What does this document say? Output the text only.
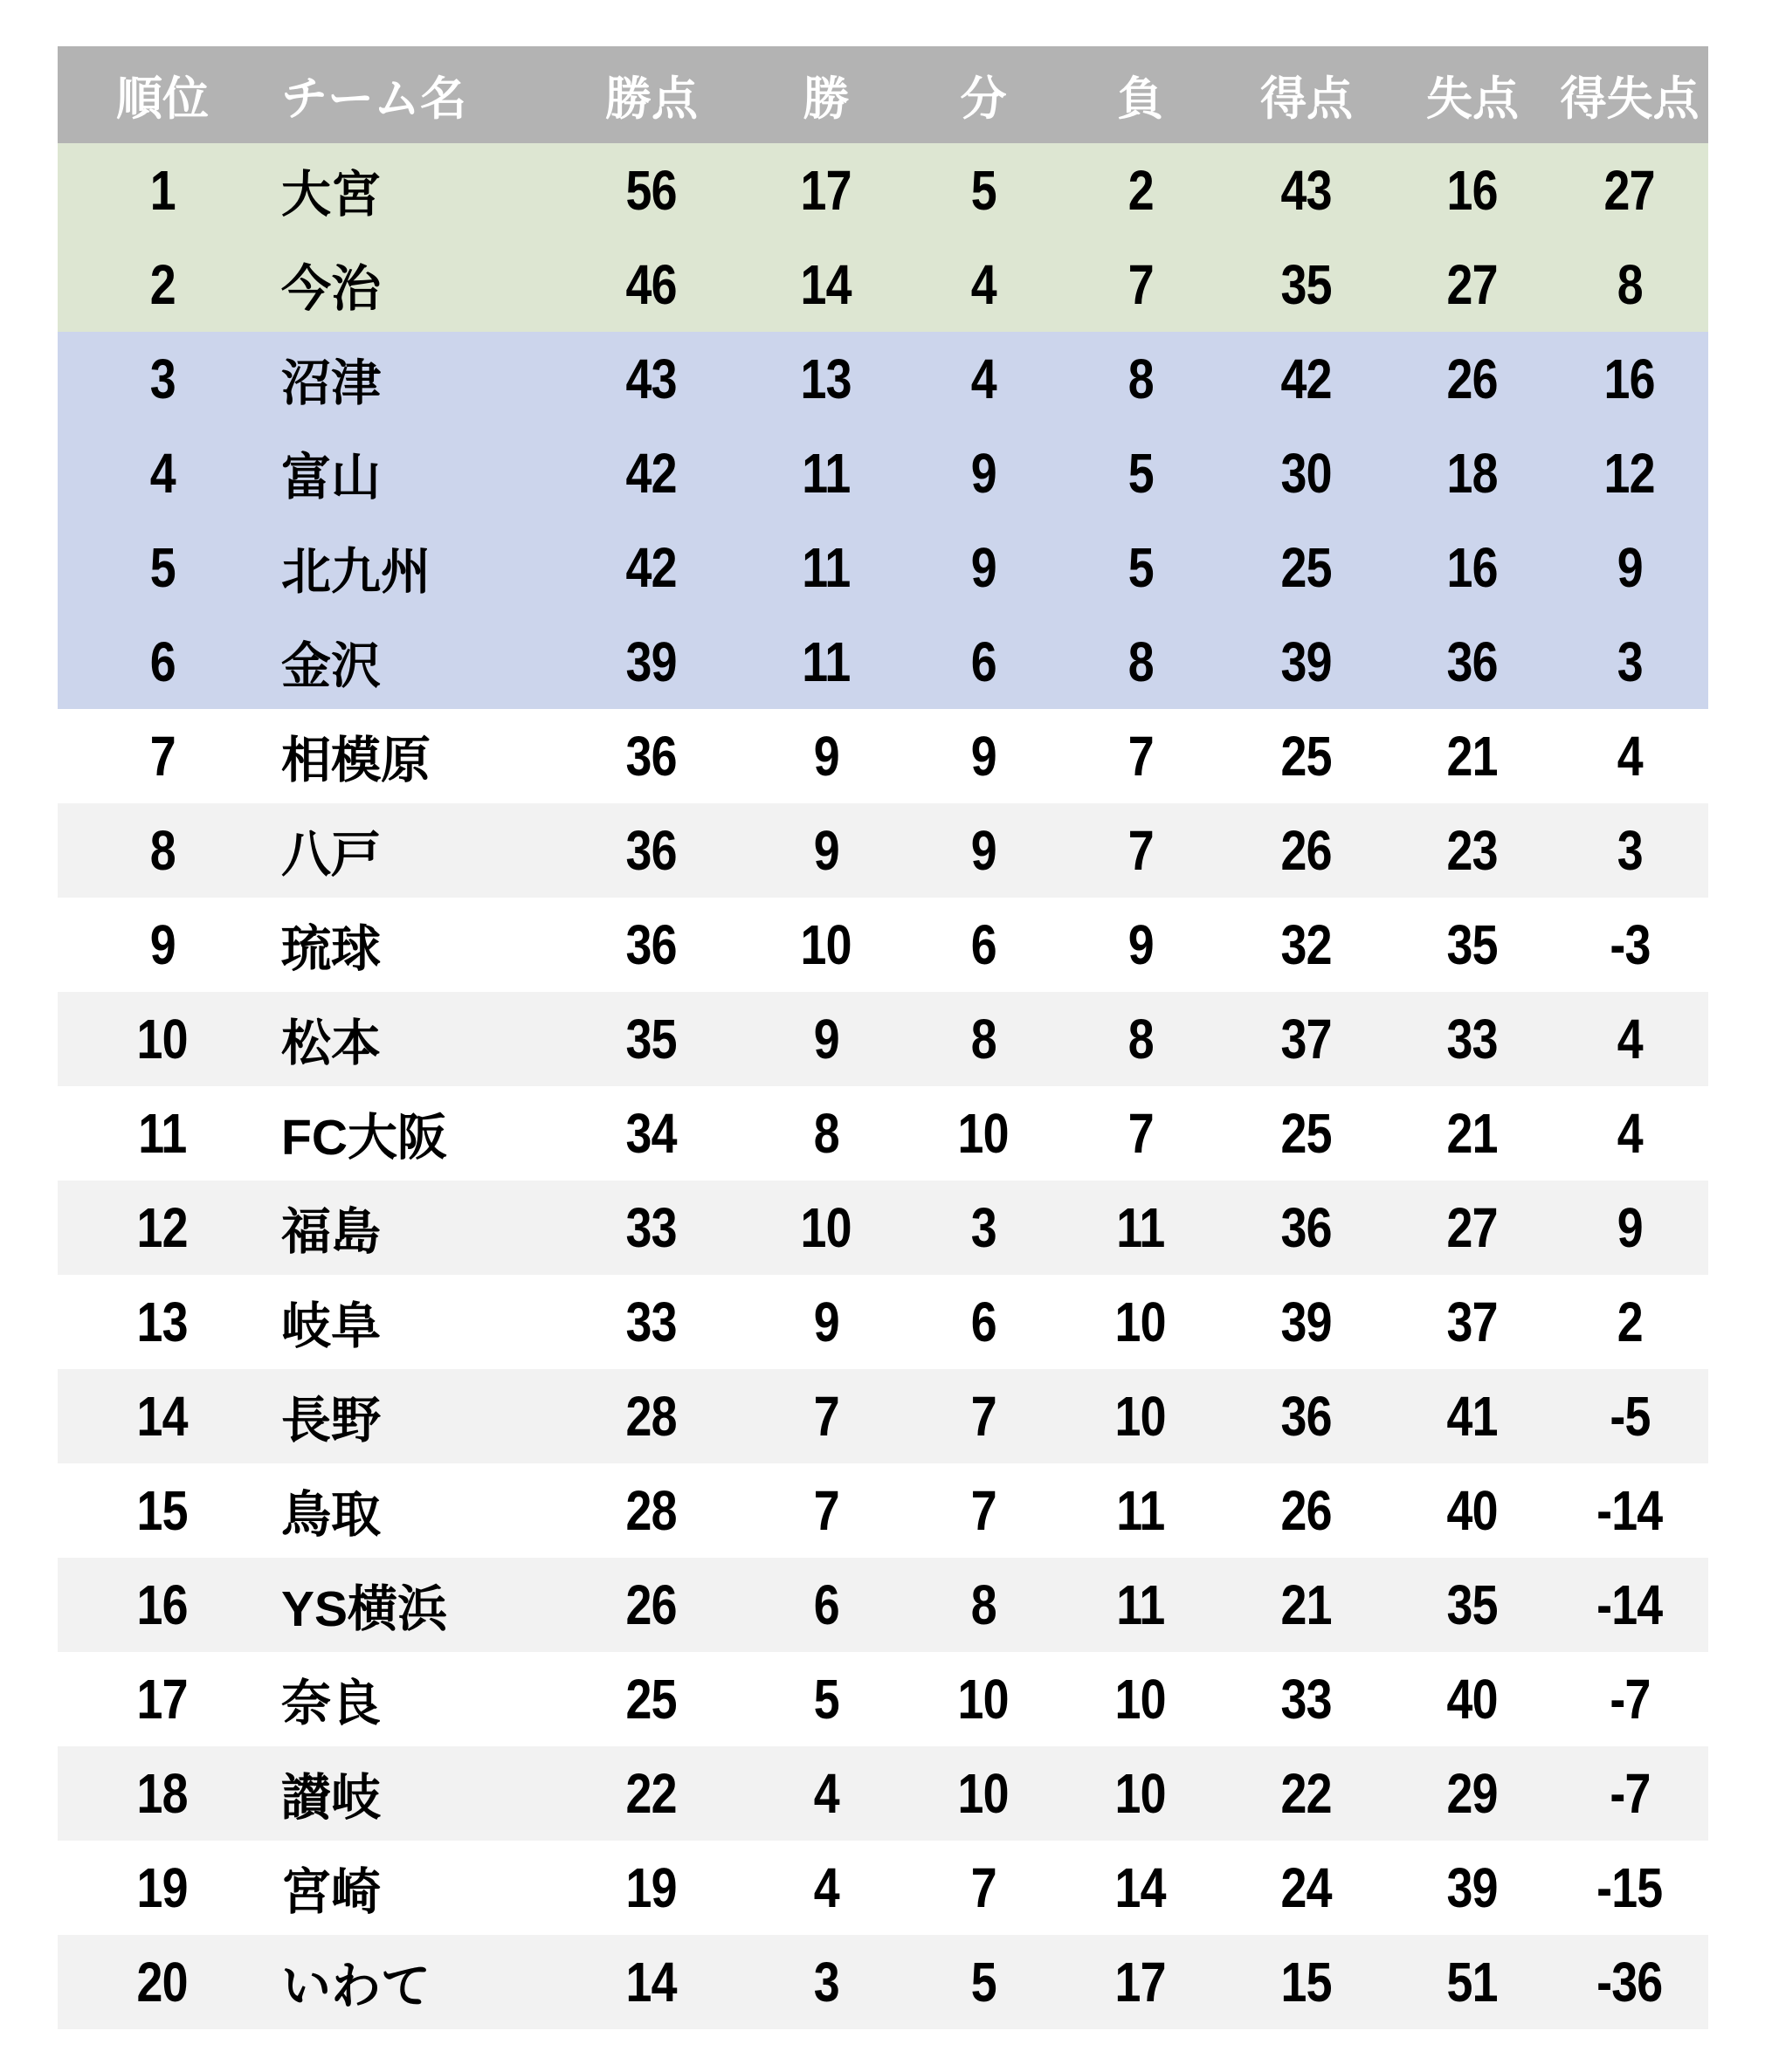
順位	チーム名	勝点	勝	分	負	得点	失点	得失点
1	大宮	56	17	5	2	43	16	27
2	今治	46	14	4	7	35	27	8
3	沼津	43	13	4	8	42	26	16
4	富山	42	11	9	5	30	18	12
5	北九州	42	11	9	5	25	16	9
6	金沢	39	11	6	8	39	36	3
7	相模原	36	9	9	7	25	21	4
8	八戸	36	9	9	7	26	23	3
9	琉球	36	10	6	9	32	35	-3
10	松本	35	9	8	8	37	33	4
11	FC大阪	34	8	10	7	25	21	4
12	福島	33	10	3	11	36	27	9
13	岐阜	33	9	6	10	39	37	2
14	長野	28	7	7	10	36	41	-5
15	鳥取	28	7	7	11	26	40	-14
16	YS横浜	26	6	8	11	21	35	-14
17	奈良	25	5	10	10	33	40	-7
18	讃岐	22	4	10	10	22	29	-7
19	宮崎	19	4	7	14	24	39	-15
20	いわて	14	3	5	17	15	51	-36
